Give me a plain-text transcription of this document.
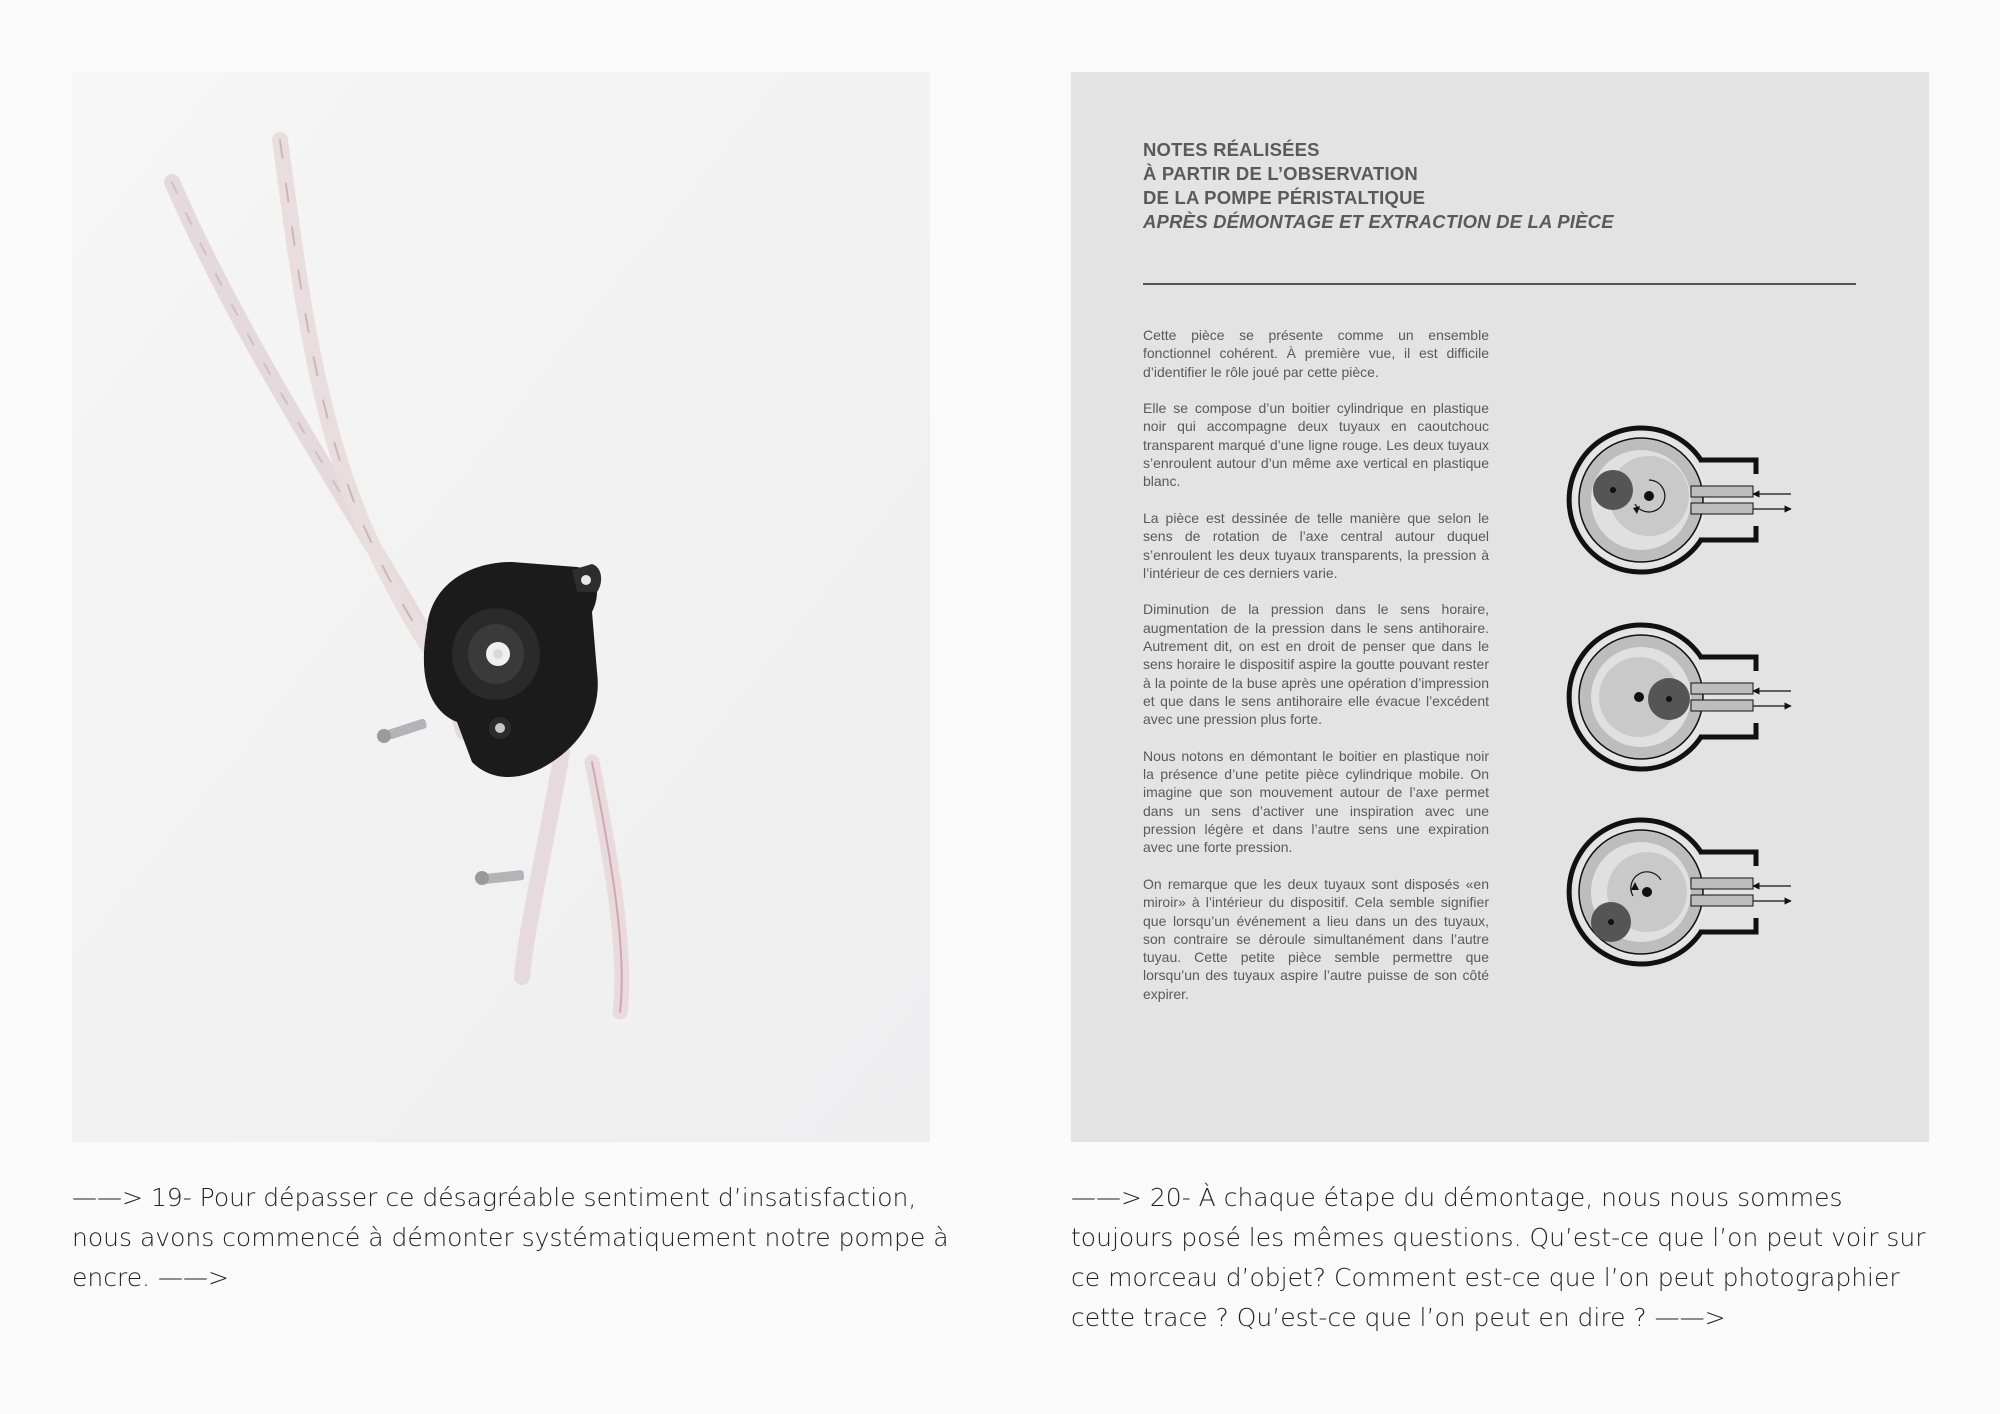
NOTES RÉALISÉES
À PARTIR DE L’OBSERVATION
DE LA POMPE PÉRISTALTIQUE
APRÈS DÉMONTAGE ET EXTRACTION DE LA PIÈCE

Cette pièce se présente comme un ensemble fonctionnel cohérent. À première vue, il est difficile d’identifier le rôle joué par cette pièce.

Elle se compose d’un boitier cylindrique en plastique noir qui accompagne deux tuyaux en caoutchouc transparent marqué d’une ligne rouge. Les deux tuyaux s’enroulent autour d’un même axe vertical en plastique blanc.

La pièce est dessinée de telle manière que selon le sens de rotation de l’axe central autour duquel s’enroulent les deux tuyaux transparents, la pression à l’intérieur de ces derniers varie.

Diminution de la pression dans le sens horaire, augmentation de la pression dans le sens antihoraire. Autrement dit, on est en droit de penser que dans le sens horaire le dispositif aspire la goutte pouvant rester à la pointe de la buse après une opération d’impression et que dans le sens antihoraire elle évacue l’excédent avec une pression plus forte.

Nous notons en démontant le boitier en plastique noir la présence d’une petite pièce cylindrique mobile. On imagine que son mouvement autour de l’axe permet dans un sens d’activer une inspiration avec une pression légère et dans l’autre sens une expiration avec une forte pression.

On remarque que les deux tuyaux sont disposés «en miroir» à l’intérieur du dispositif. Cela semble signifier que lorsqu’un événement a lieu dans un des tuyaux, son contraire se déroule simultanément dans l’autre tuyau. Cette petite pièce semble permettre que lorsqu’un des tuyaux aspire l’autre puisse de son côté expirer.

——> 19- Pour dépasser ce désagréable sentiment d’insatisfaction, nous avons commencé à démonter systématiquement notre pompe à encre. ——>
——> 20- À chaque étape du démontage, nous nous sommes toujours posé les mêmes questions. Qu’est-ce que l’on peut voir sur ce morceau d’objet? Comment est-ce que l’on peut photographier cette trace ? Qu’est-ce que l’on peut en dire ? ——>
